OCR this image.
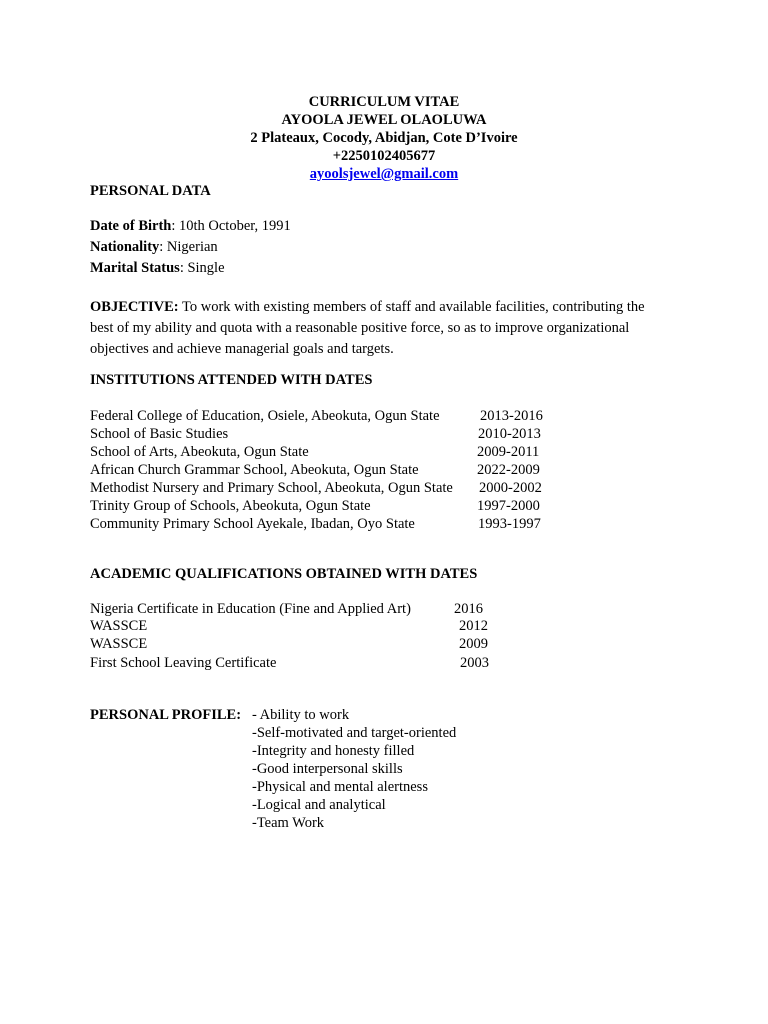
CURRICULUM VITAE
AYOOLA JEWEL OLAOLUWA
2 Plateaux, Cocody, Abidjan, Cote D’Ivoire
+2250102405677
ayoolsjewel@gmail.com
PERSONAL DATA
Date of Birth: 10th October, 1991
Nationality: Nigerian
Marital Status: Single
OBJECTIVE: To work with existing members of staff and available facilities, contributing the
best of my ability and quota with a reasonable positive force, so as to improve organizational
objectives and achieve managerial goals and targets.
INSTITUTIONS ATTENDED WITH DATES
Federal College of Education, Osiele, Abeokuta, Ogun State	2013-2016
School of Basic Studies	2010-2013
School of Arts, Abeokuta, Ogun State	2009-2011
African Church Grammar School, Abeokuta, Ogun State	2022-2009
Methodist Nursery and Primary School, Abeokuta, Ogun State 2000-2002
Trinity Group of Schools, Abeokuta, Ogun State	1997-2000
Community Primary School Ayekale, Ibadan, Oyo State	1993-1997
ACADEMIC QUALIFICATIONS OBTAINED WITH DATES
Nigeria Certificate in Education (Fine and Applied Art)	2016
WASSCE	2012
WASSCE	2009
First School Leaving Certificate	2003
PERSONAL PROFILE: - Ability to work
-Self-motivated and target-oriented
-Integrity and honesty filled
-Good interpersonal skills
-Physical and mental alertness
-Logical and analytical
-Team Work
